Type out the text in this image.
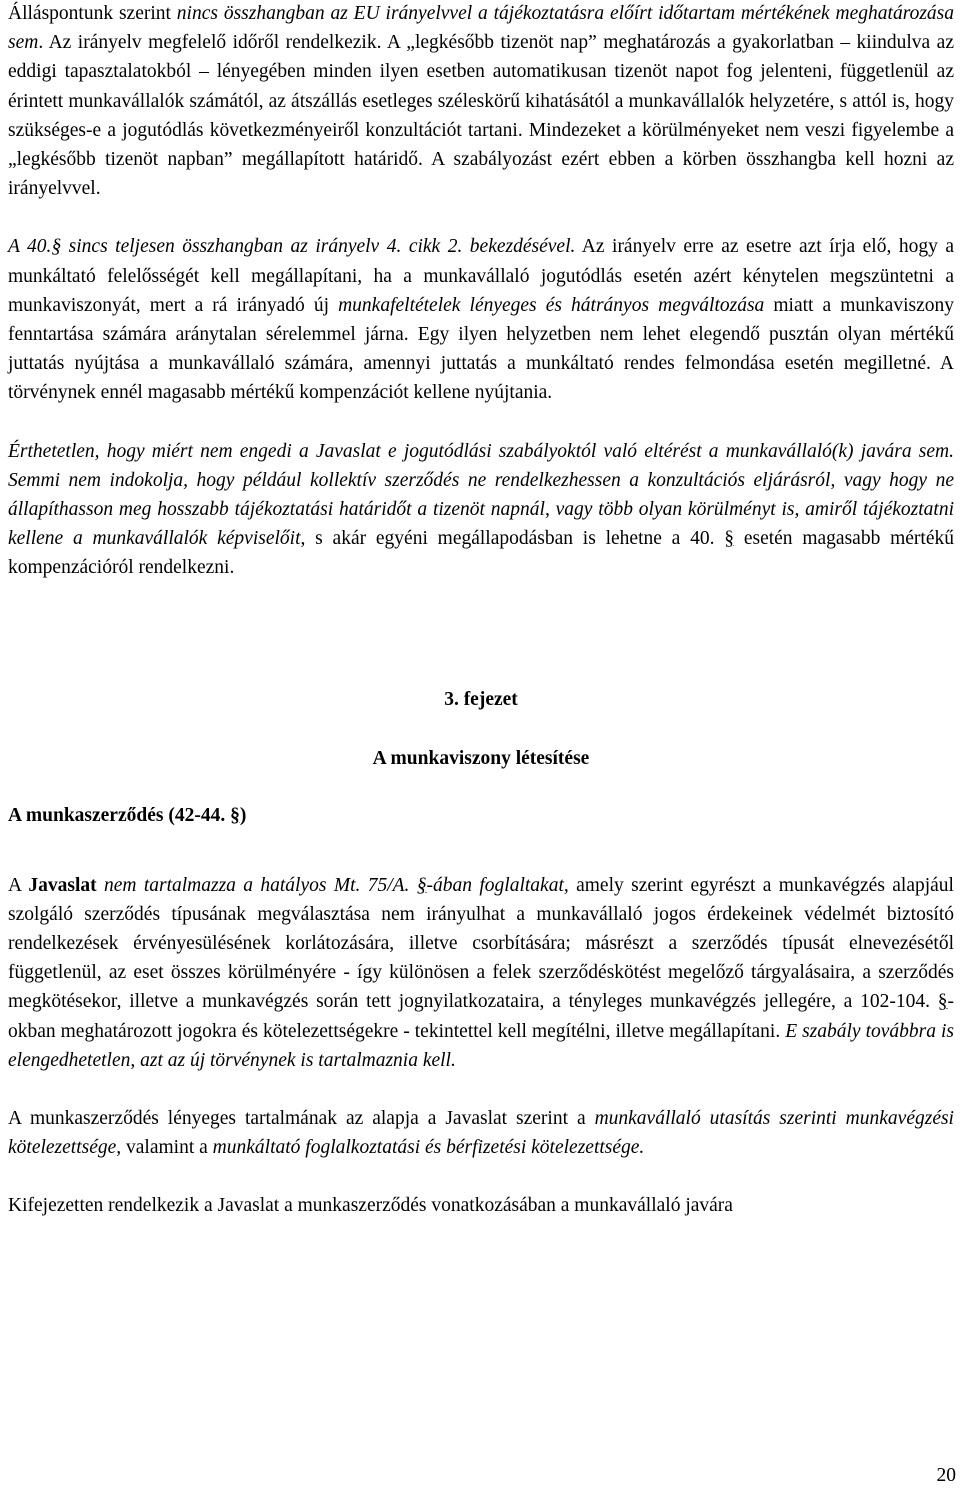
Álláspontunk szerint nincs összhangban az EU irányelvvel a tájékoztatásra előírt időtartam mértékének meghatározása sem. Az irányelv megfelelő időről rendelkezik. A „legkésőbb tizenöt nap” meghatározás a gyakorlatban – kiindulva az eddigi tapasztalatokból – lényegében minden ilyen esetben automatikusan tizenöt napot fog jelenteni, függetlenül az érintett munkavállalók számától, az átszállás esetleges széleskörű kihatásától a munkavállalók helyzetére, s attól is, hogy szükséges-e a jogutódlás következményeiről konzultációt tartani. Mindezeket a körülményeket nem veszi figyelembe a „legkésőbb tizenöt napban” megállapított határidő. A szabályozást ezért ebben a körben összhangba kell hozni az irányelvvel.

A 40.§ sincs teljesen összhangban az irányelv 4. cikk 2. bekezdésével. Az irányelv erre az esetre azt írja elő, hogy a munkáltató felelősségét kell megállapítani, ha a munkavállaló jogutódlás esetén azért kénytelen megszüntetni a munkaviszonyát, mert a rá irányadó új munkafeltételek lényeges és hátrányos megváltozása miatt a munkaviszony fenntartása számára aránytalan sérelemmel járna. Egy ilyen helyzetben nem lehet elegendő pusztán olyan mértékű juttatás nyújtása a munkavállaló számára, amennyi juttatás a munkáltató rendes felmondása esetén megilletné. A törvénynek ennél magasabb mértékű kompenzációt kellene nyújtania.

Érthetetlen, hogy miért nem engedi a Javaslat e jogutódlási szabályoktól való eltérést a munkavállaló(k) javára sem. Semmi nem indokolja, hogy például kollektív szerződés ne rendelkezhessen a konzultációs eljárásról, vagy hogy ne állapíthasson meg hosszabb tájékoztatási határidőt a tizenöt napnál, vagy több olyan körülményt is, amiről tájékoztatni kellene a munkavállalók képviselőit, s akár egyéni megállapodásban is lehetne a 40. § esetén magasabb mértékű kompenzációról rendelkezni.

3. fejezet
A munkaviszony létesítése
A munkaszerződés (42-44. §)

A Javaslat nem tartalmazza a hatályos Mt. 75/A. §-ában foglaltakat, amely szerint egyrészt a munkavégzés alapjául szolgáló szerződés típusának megválasztása nem irányulhat a munkavállaló jogos érdekeinek védelmét biztosító rendelkezések érvényesülésének korlátozására, illetve csorbítására; másrészt a szerződés típusát elnevezésétől függetlenül, az eset összes körülményére - így különösen a felek szerződéskötést megelőző tárgyalásaira, a szerződés megkötésekor, illetve a munkavégzés során tett jognyilatkozataira, a tényleges munkavégzés jellegére, a 102-104. §-okban meghatározott jogokra és kötelezettségekre - tekintettel kell megítélni, illetve megállapítani. E szabály továbbra is elengedhetetlen, azt az új törvénynek is tartalmaznia kell.

A munkaszerződés lényeges tartalmának az alapja a Javaslat szerint a munkavállaló utasítás szerinti munkavégzési kötelezettsége, valamint a munkáltató foglalkoztatási és bérfizetési kötelezettsége.

Kifejezetten rendelkezik a Javaslat a munkaszerződés vonatkozásában a munkavállaló javára

20
